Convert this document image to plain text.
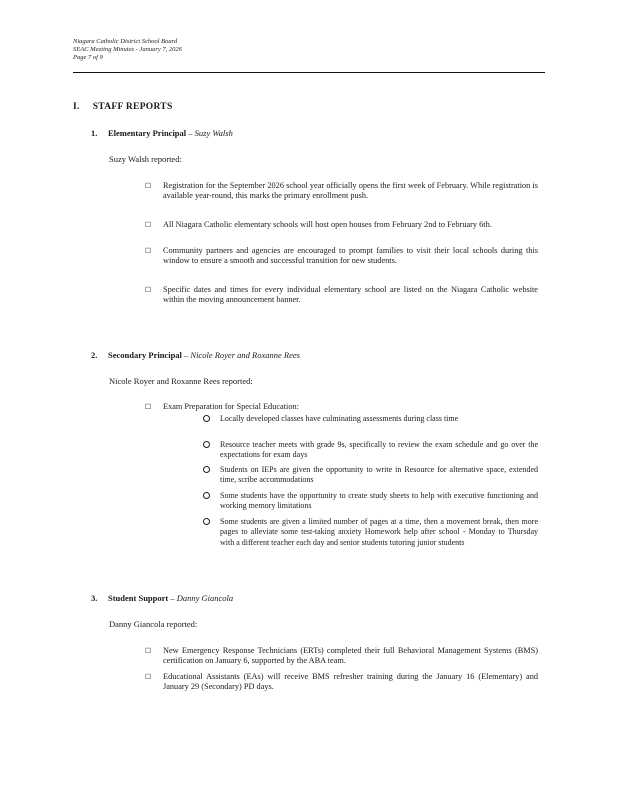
Niagara Catholic District School Board
SEAC Meeting Minutes - January 7, 2026
Page 7 of 9
I. STAFF REPORTS
1. Elementary Principal – Suzy Walsh
Suzy Walsh reported:
☐ Registration for the September 2026 school year officially opens the first week of February. While registration is available year-round, this marks the primary enrollment push.
☐ All Niagara Catholic elementary schools will host open houses from February 2nd to February 6th.
☐ Community partners and agencies are encouraged to prompt families to visit their local schools during this window to ensure a smooth and successful transition for new students.
☐ Specific dates and times for every individual elementary school are listed on the Niagara Catholic website within the moving announcement banner.
2. Secondary Principal – Nicole Royer and Roxanne Rees
Nicole Royer and Roxanne Rees reported:
☐ Exam Preparation for Special Education:
Locally developed classes have culminating assessments during class time
Resource teacher meets with grade 9s, specifically to review the exam schedule and go over the expectations for exam days
Students on IEPs are given the opportunity to write in Resource for alternative space, extended time, scribe accommodations
Some students have the opportunity to create study sheets to help with executive functioning and working memory limitations
Some students are given a limited number of pages at a time, then a movement break, then more pages to alleviate some test-taking anxiety Homework help after school - Monday to Thursday with a different teacher each day and senior students tutoring junior students
3. Student Support – Danny Giancola
Danny Giancola reported:
☐ New Emergency Response Technicians (ERTs) completed their full Behavioral Management Systems (BMS) certification on January 6, supported by the ABA team.
☐ Educational Assistants (EAs) will receive BMS refresher training during the January 16 (Elementary) and January 29 (Secondary) PD days.
